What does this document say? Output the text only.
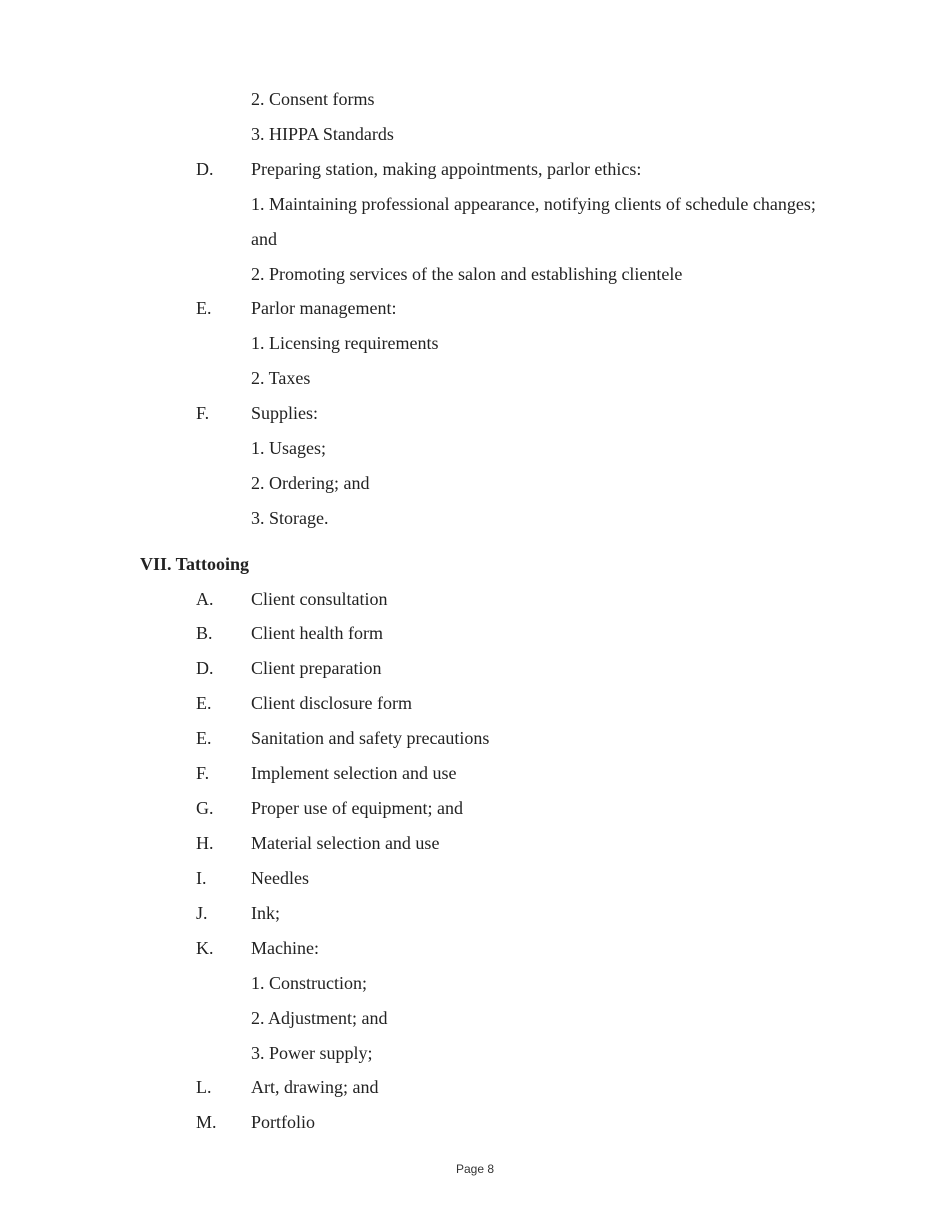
2. Consent forms
3. HIPPA Standards
D. Preparing station, making appointments, parlor ethics:
1. Maintaining professional appearance, notifying clients of schedule changes;
and
2. Promoting services of the salon and establishing clientele
E. Parlor management:
1. Licensing requirements
2. Taxes
F. Supplies:
1. Usages;
2. Ordering; and
3. Storage.
VII. Tattooing
A. Client consultation
B. Client health form
D. Client preparation
E. Client disclosure form
E. Sanitation and safety precautions
F. Implement selection and use
G. Proper use of equipment; and
H. Material selection and use
I. Needles
J. Ink;
K. Machine:
1. Construction;
2. Adjustment; and
3. Power supply;
L. Art, drawing; and
M. Portfolio
Page 8
